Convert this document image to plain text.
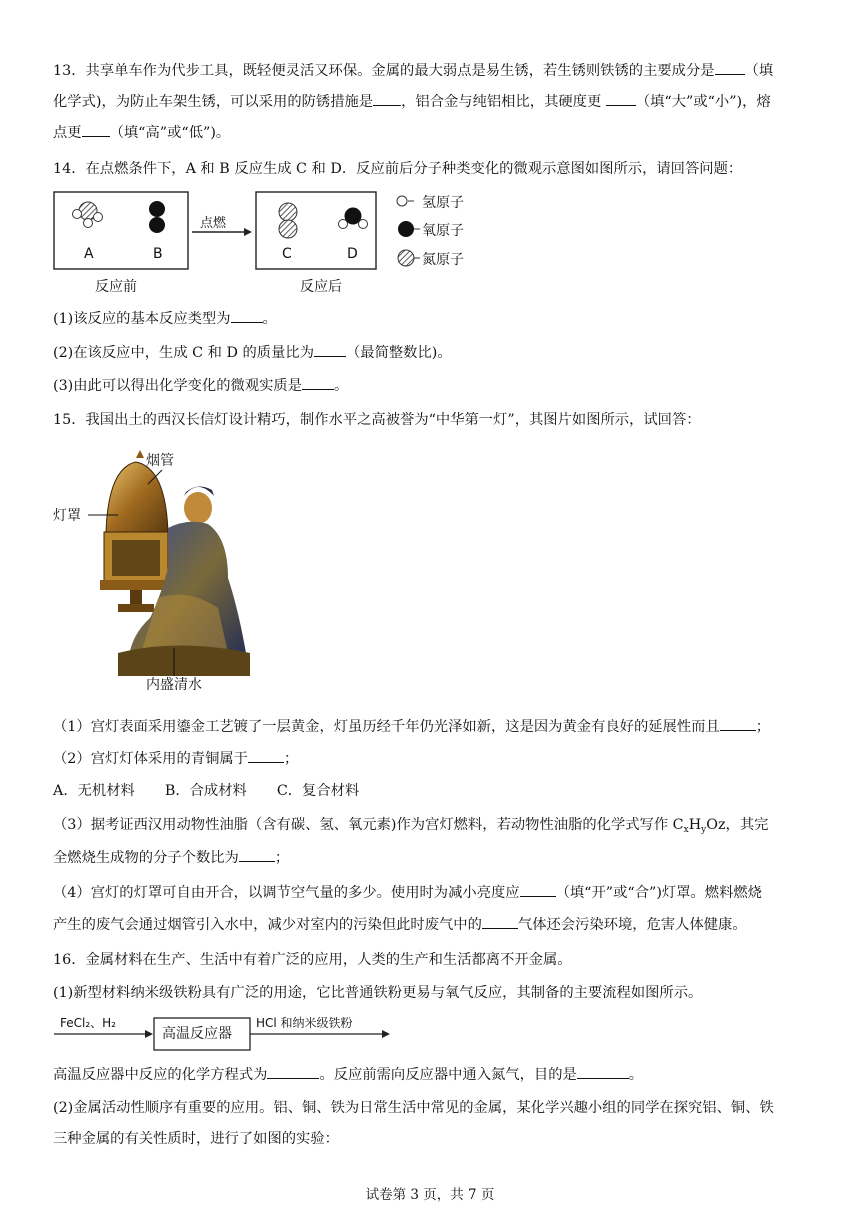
13．共享单车作为代步工具，既轻便灵活又环保。金属的最大弱点是易生锈，若生锈则铁锈的主要成分是 （填
化学式)，为防止车架生锈，可以采用的防锈措施是 ，铝合金与纯铝相比，其硬度更 （填“大”或“小”)，熔
点更 （填“高”或“低”)。
14．在点燃条件下，A 和 B 反应生成 C 和 D．反应前后分子种类变化的微观示意图如图所示，请回答问题：
A	B	C	D
点燃
反应前	反应后
氢原子
氧原子
氮原子
(1)该反应的基本反应类型为 。
(2)在该反应中，生成 C 和 D 的质量比为 （最简整数比)。
(3)由此可以得出化学变化的微观实质是 。
15．我国出土的西汉长信灯设计精巧，制作水平之高被誉为“中华第一灯”，其图片如图所示，试回答：
烟管
灯罩
内盛清水
（1）宫灯表面采用鎏金工艺镀了一层黄金，灯虽历经千年仍光泽如新，这是因为黄金有良好的延展性而且	；
（2）宫灯灯体采用的青铜属于	；
A．无机材料 B．合成材料 C．复合材料
（3）据考证西汉用动物性油脂（含有碳、氢、氧元素)作为宫灯燃料，若动物性油脂的化学式写作 $C_xH_yOz$，其完
全燃烧生成物的分子个数比为	；
（4）宫灯的灯罩可自由开合，以调节空气量的多少。使用时为减小亮度应	（填“开”或“合”)灯罩。燃料燃烧
产生的废气会通过烟管引入水中，减少对室内的污染但此时废气中的	气体还会污染环境，危害人体健康。
16．金属材料在生产、生活中有着广泛的应用，人类的生产和生活都离不开金属。
(1)新型材料纳米级铁粉具有广泛的用途，它比普通铁粉更易与氧气反应，其制备的主要流程如图所示。
FeCl₂、H₂
高温反应器
HCl 和纳米级铁粉
高温反应器中反应的化学方程式为	。反应前需向反应器中通入氮气，目的是	。
(2)金属活动性顺序有重要的应用。铝、铜、铁为日常生活中常见的金属，某化学兴趣小组的同学在探究铝、铜、铁
三种金属的有关性质时，进行了如图的实验：
试卷第 3 页，共 7 页
